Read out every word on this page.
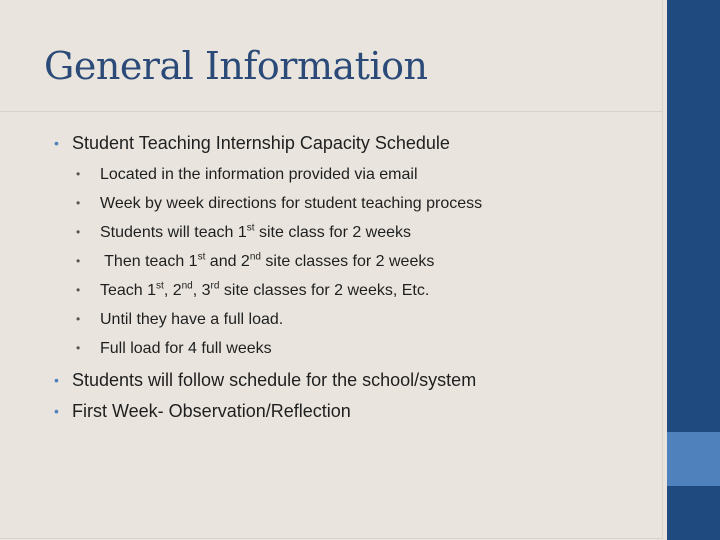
General Information
• Student Teaching Internship Capacity Schedule
• Located in the information provided via email
• Week by week directions for student teaching process
• Students will teach 1st site class for 2 weeks
• Then teach 1st and 2nd site classes for 2 weeks
• Teach 1st, 2nd, 3rd site classes for 2 weeks, Etc.
• Until they have a full load.
• Full load for 4 full weeks
• Students will follow schedule for the school/system
• First Week- Observation/Reflection
